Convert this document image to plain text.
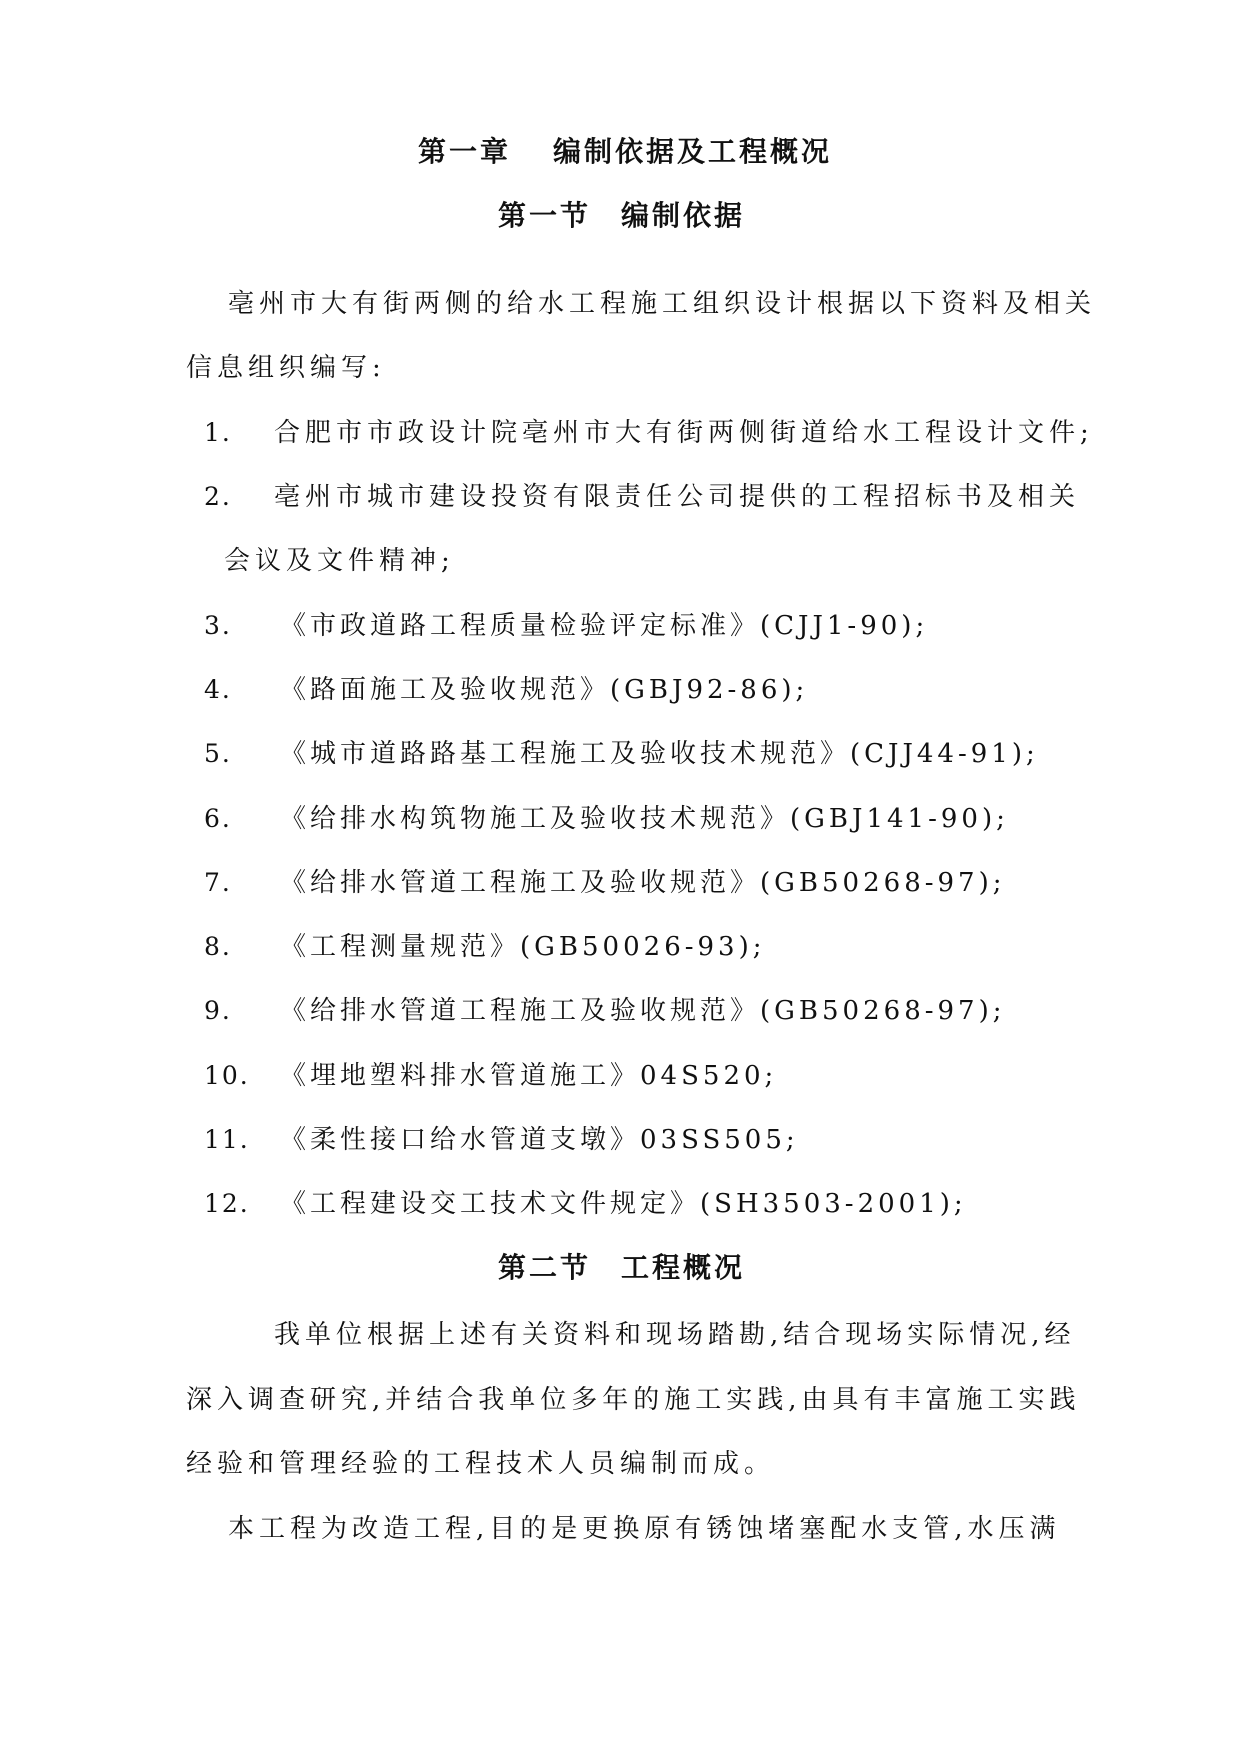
第一章 编制依据及工程概况
第一节 编制依据
亳州市大有街两侧的给水工程施工组织设计根据以下资料及相关
信息组织编写:
1. 合肥市市政设计院亳州市大有街两侧街道给水工程设计文件;
2. 亳州市城市建设投资有限责任公司提供的工程招标书及相关
会议及文件精神;
3. 《市政道路工程质量检验评定标准》(CJJ1-90);
4. 《路面施工及验收规范》(GBJ92-86);
5. 《城市道路路基工程施工及验收技术规范》(CJJ44-91);
6. 《给排水构筑物施工及验收技术规范》(GBJ141-90);
7. 《给排水管道工程施工及验收规范》(GB50268-97);
8. 《工程测量规范》(GB50026-93);
9. 《给排水管道工程施工及验收规范》(GB50268-97);
10. 《埋地塑料排水管道施工》04S520;
11. 《柔性接口给水管道支墩》03SS505;
12. 《工程建设交工技术文件规定》(SH3503-2001);
第二节 工程概况
我单位根据上述有关资料和现场踏勘,结合现场实际情况,经
深入调查研究,并结合我单位多年的施工实践,由具有丰富施工实践
经验和管理经验的工程技术人员编制而成。
本工程为改造工程,目的是更换原有锈蚀堵塞配水支管,水压满
